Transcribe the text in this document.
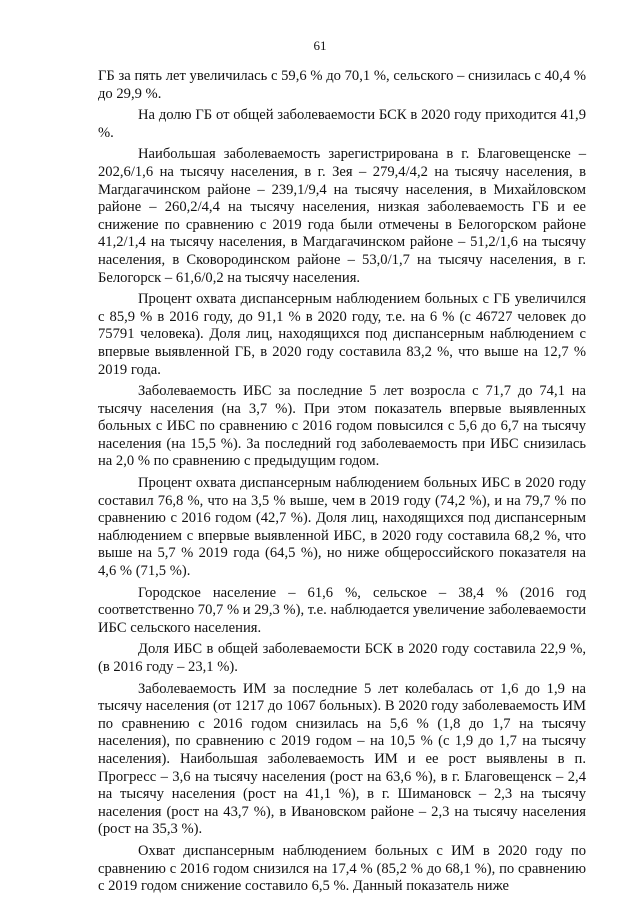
61

ГБ за пять лет увеличилась с 59,6 % до 70,1 %, сельского – снизилась с 40,4 % до 29,9 %.

На долю ГБ от общей заболеваемости БСК в 2020 году приходится 41,9 %.

Наибольшая заболеваемость зарегистрирована в г. Благовещенске – 202,6/1,6 на тысячу населения, в г. Зея – 279,4/4,2 на тысячу населения, в Магдагачинском районе – 239,1/9,4 на тысячу населения, в Михайловском районе – 260,2/4,4 на тысячу населения, низкая заболеваемость ГБ и ее снижение по сравнению с 2019 года были отмечены в Белогорском районе 41,2/1,4 на тысячу населения, в Магдагачинском районе – 51,2/1,6 на тысячу населения, в Сковородинском районе – 53,0/1,7 на тысячу населения, в г. Белогорск – 61,6/0,2 на тысячу населения.

Процент охвата диспансерным наблюдением больных с ГБ увеличился с 85,9 % в 2016 году, до 91,1 % в 2020 году, т.е. на 6 % (с 46727 человек до 75791 человека). Доля лиц, находящихся под диспансерным наблюдением с впервые выявленной ГБ, в 2020 году составила 83,2 %, что выше на 12,7 % 2019 года.

Заболеваемость ИБС за последние 5 лет возросла с 71,7 до 74,1 на тысячу населения (на 3,7 %). При этом показатель впервые выявленных больных с ИБС по сравнению с 2016 годом повысился с 5,6 до 6,7 на тысячу населения (на 15,5 %). За последний год заболеваемость при ИБС снизилась на 2,0 % по сравнению с предыдущим годом.

Процент охвата диспансерным наблюдением больных ИБС в 2020 году составил 76,8 %, что на 3,5 % выше, чем в 2019 году (74,2 %), и на 79,7 % по сравнению с 2016 годом (42,7 %). Доля лиц, находящихся под диспансерным наблюдением с впервые выявленной ИБС, в 2020 году составила 68,2 %, что выше на 5,7 % 2019 года (64,5 %), но ниже общероссийского показателя на 4,6 % (71,5 %).

Городское население – 61,6 %, сельское – 38,4 % (2016 год соответственно 70,7 % и 29,3 %), т.е. наблюдается увеличение заболеваемости ИБС сельского населения.

Доля ИБС в общей заболеваемости БСК в 2020 году составила 22,9 %, (в 2016 году – 23,1 %).

Заболеваемость ИМ за последние 5 лет колебалась от 1,6 до 1,9 на тысячу населения (от 1217 до 1067 больных). В 2020 году заболеваемость ИМ по сравнению с 2016 годом снизилась на 5,6 % (1,8 до 1,7 на тысячу населения), по сравнению с 2019 годом – на 10,5 % (с 1,9 до 1,7 на тысячу населения). Наибольшая заболеваемость ИМ и ее рост выявлены в п. Прогресс – 3,6 на тысячу населения (рост на 63,6 %), в г. Благовещенск – 2,4 на тысячу населения (рост на 41,1 %), в г. Шимановск – 2,3 на тысячу населения (рост на 43,7 %), в Ивановском районе – 2,3 на тысячу населения (рост на 35,3 %).

Охват диспансерным наблюдением больных с ИМ в 2020 году по сравнению с 2016 годом снизился на 17,4 % (85,2 % до 68,1 %), по сравнению с 2019 годом снижение составило 6,5 %. Данный показатель ниже
